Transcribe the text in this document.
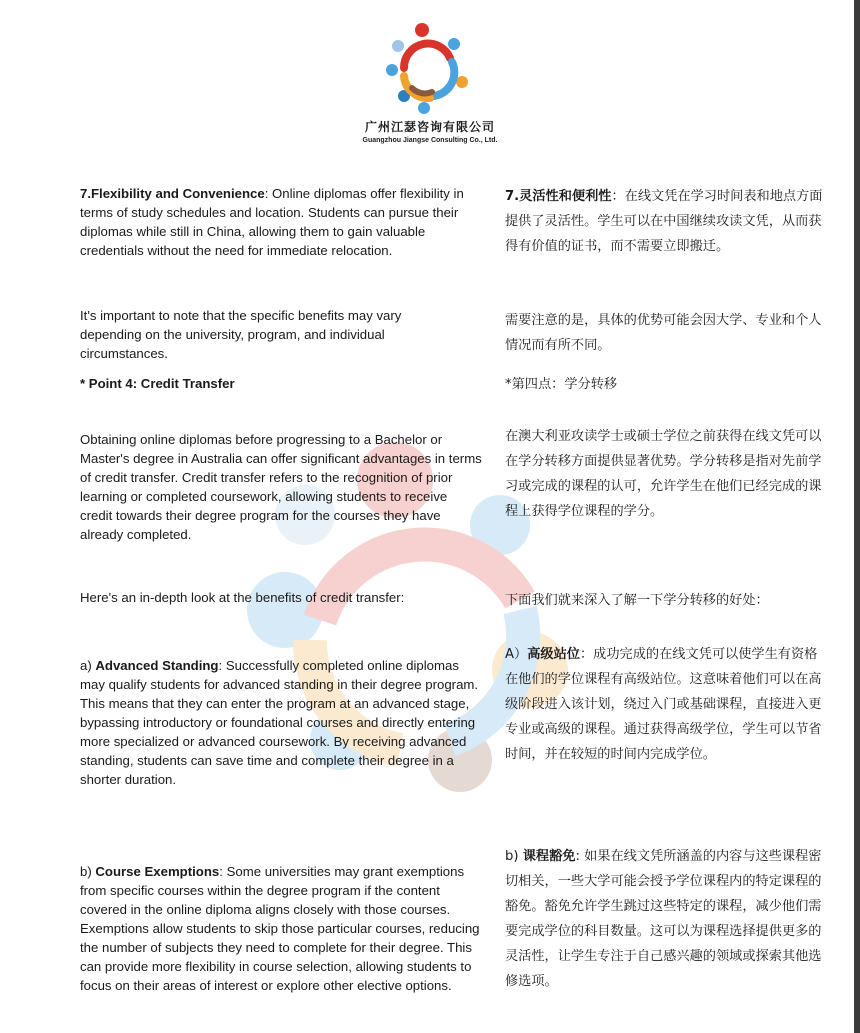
广州江瑟咨询有限公司
Guangzhou Jiangse Consulting Co., Ltd.

7.Flexibility and Convenience: Online diplomas offer flexibility in terms of study schedules and location. Students can pursue their diplomas while still in China, allowing them to gain valuable credentials without the need for immediate relocation.

It's important to note that the specific benefits may vary depending on the university, program, and individual circumstances.

* Point 4: Credit Transfer

Obtaining online diplomas before progressing to a Bachelor or Master's degree in Australia can offer significant advantages in terms of credit transfer. Credit transfer refers to the recognition of prior learning or completed coursework, allowing students to receive credit towards their degree program for the courses they have already completed.

Here's an in-depth look at the benefits of credit transfer:

a) Advanced Standing: Successfully completed online diplomas may qualify students for advanced standing in their degree program. This means that they can enter the program at an advanced stage, bypassing introductory or foundational courses and directly entering more specialized or advanced coursework. By receiving advanced standing, students can save time and complete their degree in a shorter duration.

b) Course Exemptions: Some universities may grant exemptions from specific courses within the degree program if the content covered in the online diploma aligns closely with those courses. Exemptions allow students to skip those particular courses, reducing the number of subjects they need to complete for their degree. This can provide more flexibility in course selection, allowing students to focus on their areas of interest or explore other elective options.

7.灵活性和便利性：在线文凭在学习时间表和地点方面提供了灵活性。学生可以在中国继续攻读文凭，从而获得有价值的证书，而不需要立即搬迁。

需要注意的是，具体的优势可能会因大学、专业和个人情况而有所不同。

*第四点：学分转移

在澳大利亚攻读学士或硕士学位之前获得在线文凭可以在学分转移方面提供显著优势。学分转移是指对先前学习或完成的课程的认可，允许学生在他们已经完成的课程上获得学位课程的学分。

下面我们就来深入了解一下学分转移的好处：

A）高级站位：成功完成的在线文凭可以使学生有资格在他们的学位课程有高级站位。这意味着他们可以在高级阶段进入该计划，绕过入门或基础课程，直接进入更专业或高级的课程。通过获得高级学位，学生可以节省时间，并在较短的时间内完成学位。

b) 课程豁免: 如果在线文凭所涵盖的内容与这些课程密切相关，一些大学可能会授予学位课程内的特定课程的豁免。豁免允许学生跳过这些特定的课程，减少他们需要完成学位的科目数量。这可以为课程选择提供更多的灵活性，让学生专注于自己感兴趣的领域或探索其他选修选项。
